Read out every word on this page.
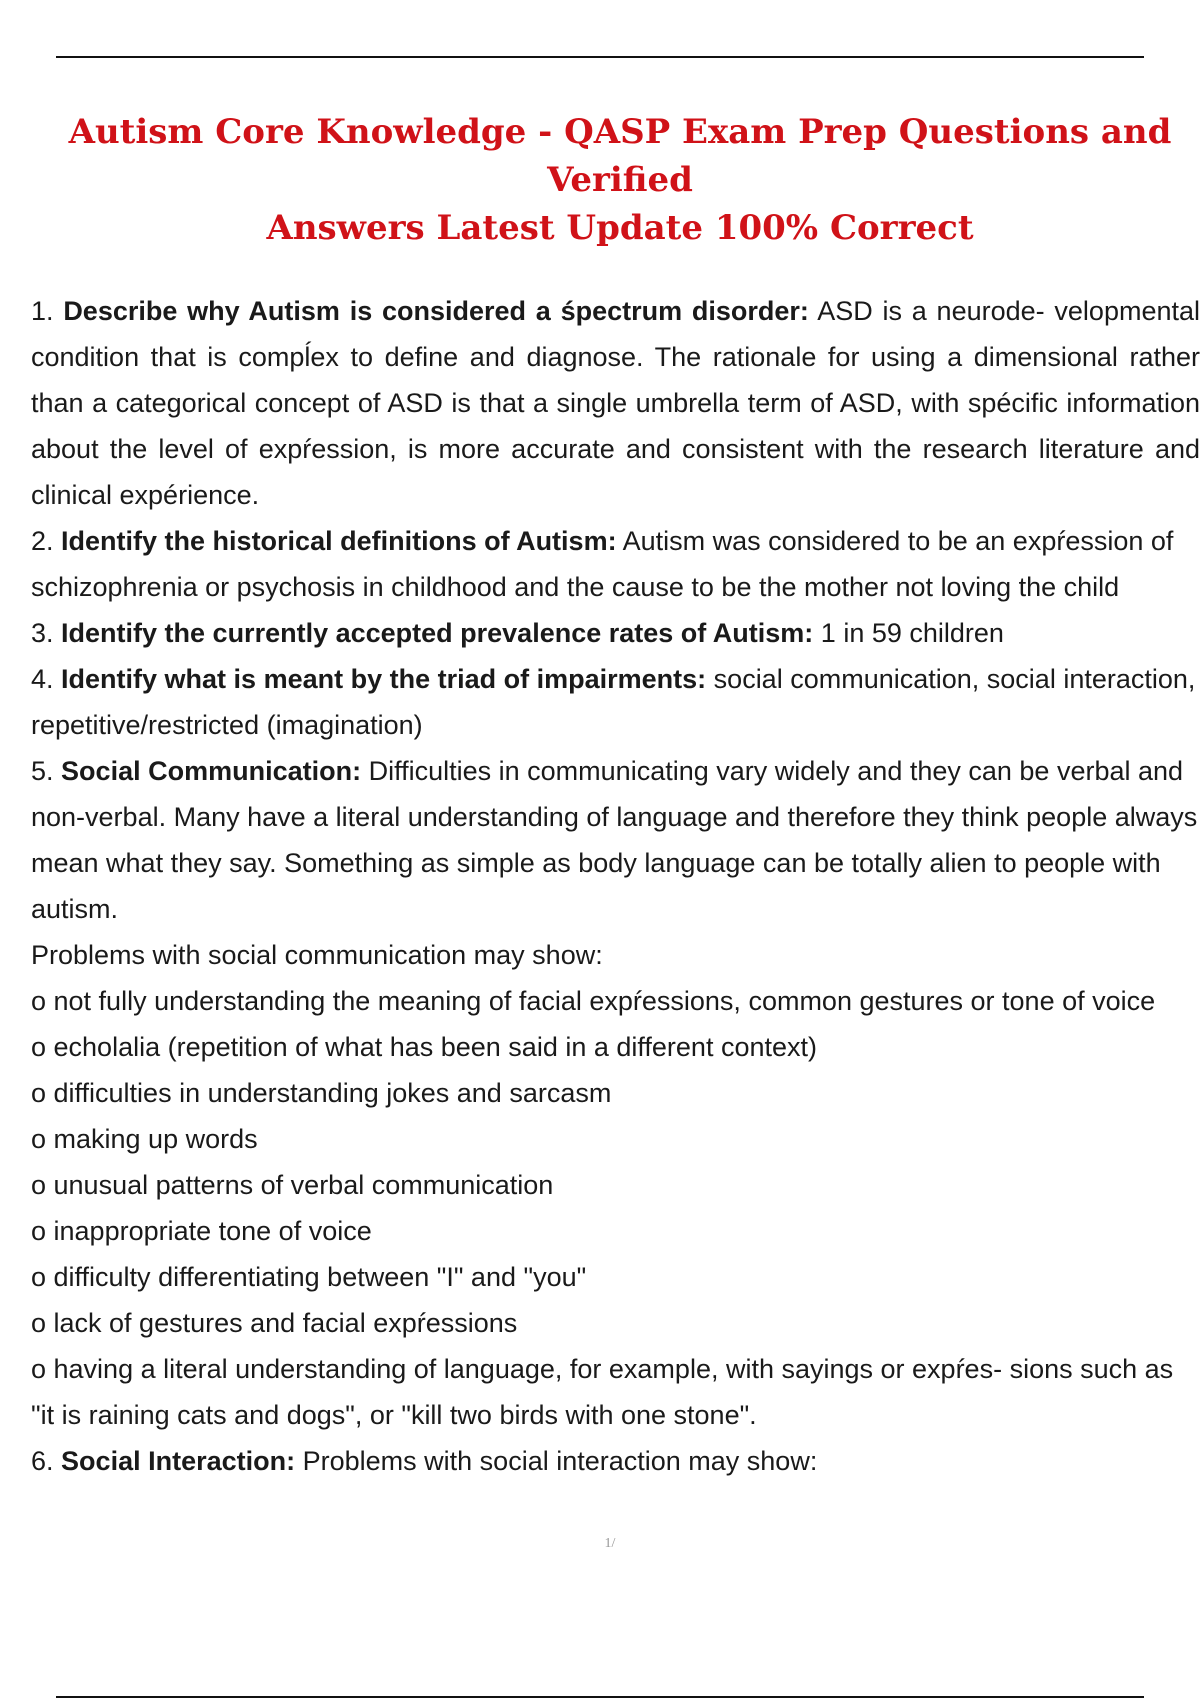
Autism Core Knowledge - QASP Exam Prep Questions and Verified
Answers Latest Update 100% Correct

1. Describe why Autism is considered a śpectrum disorder: ASD is a neurode- velopmental condition that is compĺex to define and diagnose. The rationale for using a dimensional rather than a categorical concept of ASD is that a single umbrella term of ASD, with spécific information about the level of expŕession, is more accurate and consistent with the research literature and clinical expérience.

2. Identify the historical definitions of Autism: Autism was considered to be an expŕession of schizophrenia or psychosis in childhood and the cause to be the mother not loving the child

3. Identify the currently accepted prevalence rates of Autism: 1 in 59 children

4. Identify what is meant by the triad of impairments: social communication, social interaction, repetitive/restricted (imagination)

5. Social Communication: Difficulties in communicating vary widely and they can be verbal and non-verbal. Many have a literal understanding of language and therefore they think people always mean what they say. Something as simple as body language can be totally alien to people with autism.

Problems with social communication may show:

o not fully understanding the meaning of facial expŕessions, common gestures or tone of voice

o echolalia (repetition of what has been said in a different context)

o difficulties in understanding jokes and sarcasm

o making up words

o unusual patterns of verbal communication

o inappropriate tone of voice

o difficulty differentiating between "I" and "you"

o lack of gestures and facial expŕessions

o having a literal understanding of language, for example, with sayings or expŕes- sions such as "it is raining cats and dogs", or "kill two birds with one stone".

6. Social Interaction: Problems with social interaction may show:

1/
